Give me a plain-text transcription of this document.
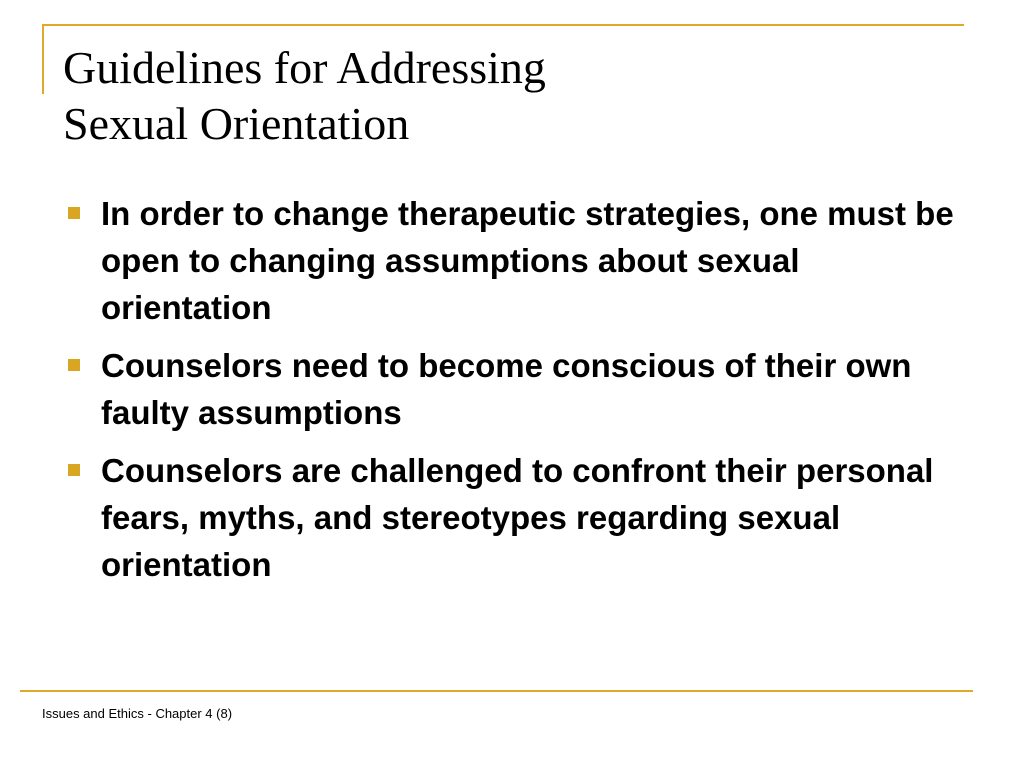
Guidelines for Addressing
Sexual Orientation
In order to change therapeutic strategies, one must be open to changing assumptions about sexual orientation
Counselors need to become conscious of their own faulty assumptions
Counselors are challenged to confront their personal fears, myths, and stereotypes regarding sexual orientation
Issues and Ethics - Chapter 4 (8)
